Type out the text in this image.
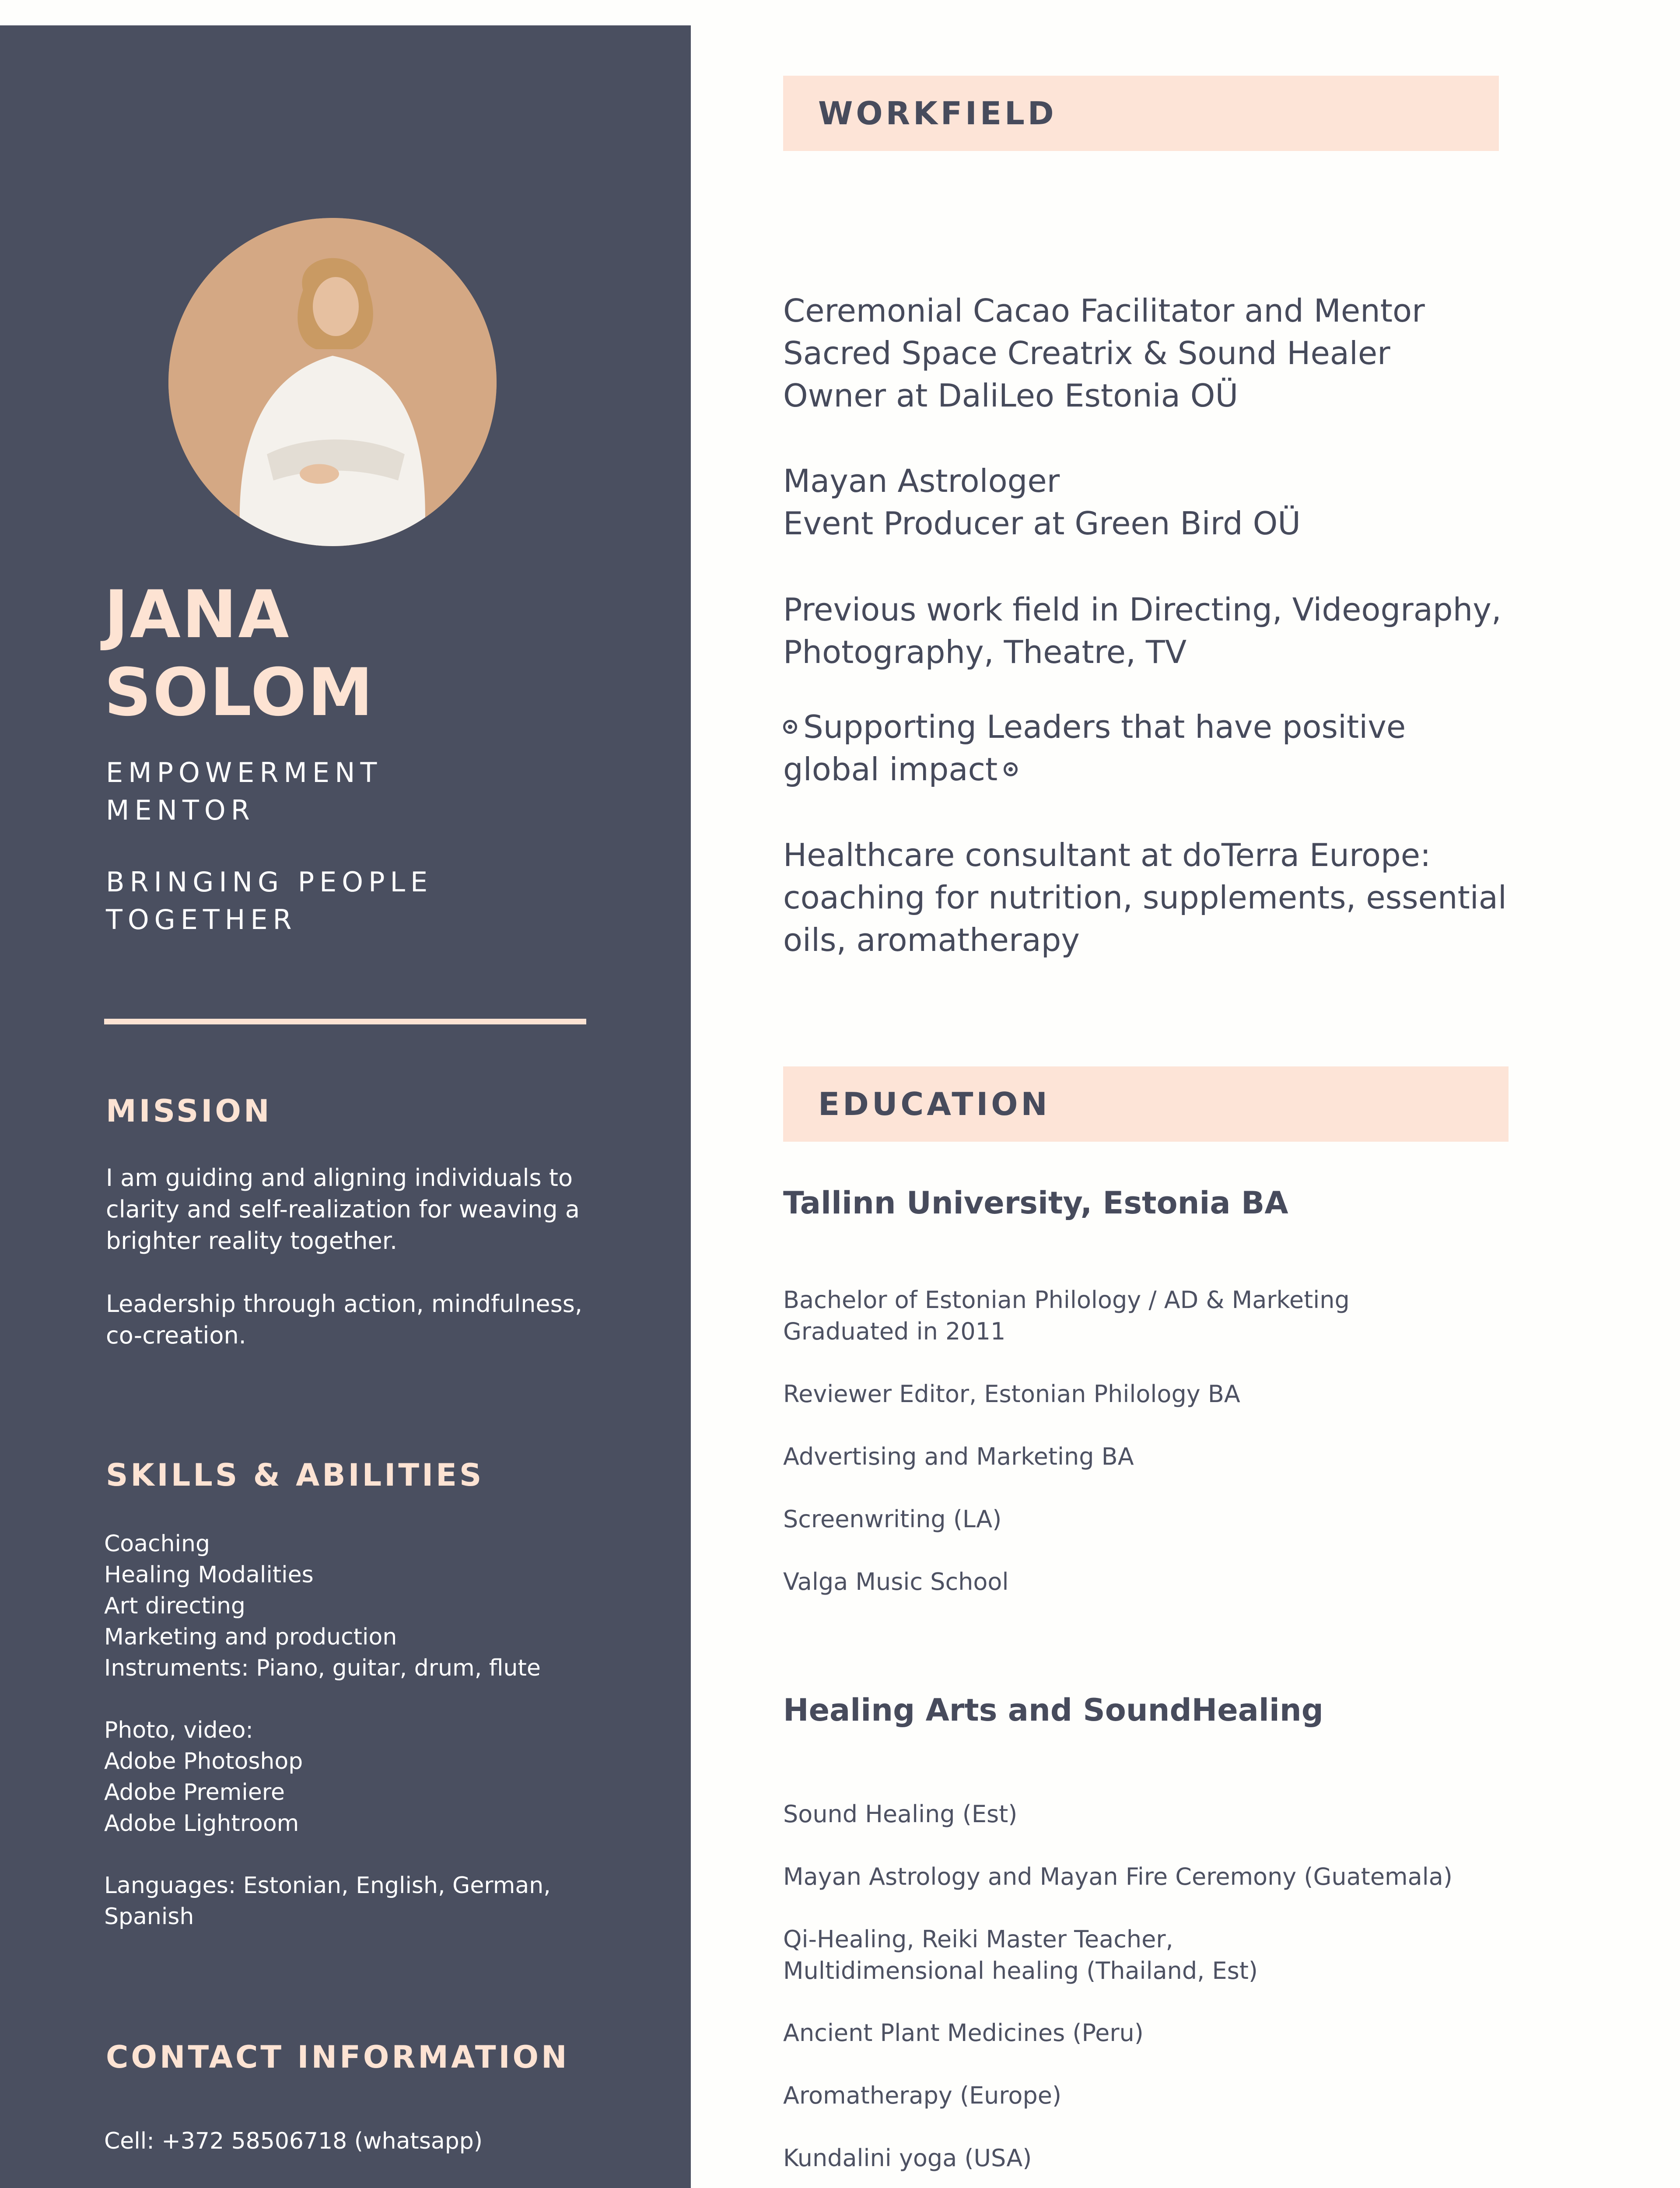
JANA
SOLOM

EMPOWERMENT
MENTOR

BRINGING PEOPLE
TOGETHER

MISSION

I am guiding and aligning individuals to
clarity and self-realization for weaving a
brighter reality together.

Leadership through action, mindfulness,
co-creation.

SKILLS & ABILITIES
Coaching
Healing Modalities
Art directing
Marketing and production
Instruments: Piano, guitar, drum, flute
Photo, video:
Adobe Photoshop
Adobe Premiere
Adobe Lightroom
Languages: Estonian, English, German,
Spanish
CONTACT INFORMATION

Cell: +372 58506718 (whatsapp)

WORKFIELD

Ceremonial Cacao Facilitator and Mentor
Sacred Space Creatrix & Sound Healer
Owner at DaliLeo Estonia OÜ

Mayan Astrologer
Event Producer at Green Bird OÜ

Previous work field in Directing, Videography,
Photography, Theatre, TV

Supporting Leaders that have positive
global impact

Healthcare consultant at doTerra Europe:
coaching for nutrition, supplements, essential
oils, aromatherapy

EDUCATION
Tallinn University, Estonia BA

Bachelor of Estonian Philology / AD & Marketing
Graduated in 2011

Reviewer Editor, Estonian Philology BA

Advertising and Marketing BA

Screenwriting (LA)

Valga Music School

Healing Arts and SoundHealing

Sound Healing (Est)

Mayan Astrology and Mayan Fire Ceremony (Guatemala)

Qi-Healing, Reiki Master Teacher,
Multidimensional healing (Thailand, Est)

Ancient Plant Medicines (Peru)

Aromatherapy (Europe)

Kundalini yoga (USA)
